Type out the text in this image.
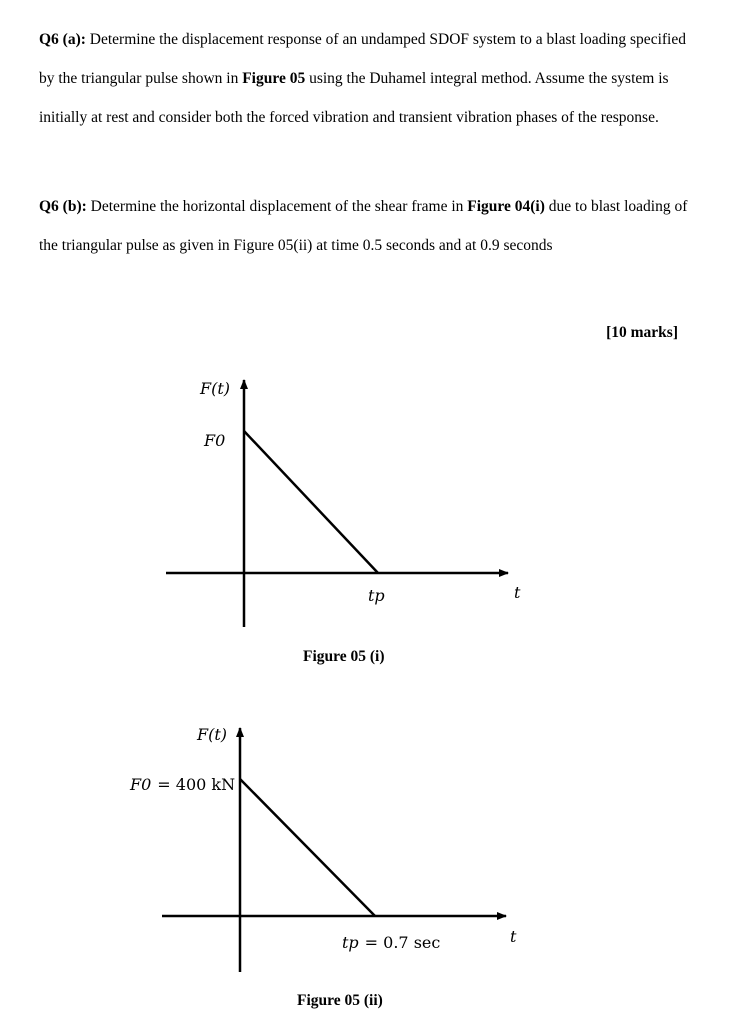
Q6 (a): Determine the displacement response of an undamped SDOF system to a blast loading specified by the triangular pulse shown in Figure 05 using the Duhamel integral method. Assume the system is initially at rest and consider both the forced vibration and transient vibration phases of the response.

Q6 (b): Determine the horizontal displacement of the shear frame in Figure 04(i) due to blast loading of the triangular pulse as given in Figure 05(ii) at time 0.5 seconds and at 0.9 seconds

[10 marks]
F(t)
F0
tp	t
Figure 05 (i)
F(t)
F0 = 400 kN
tp = 0.7 sec	t
Figure 05 (ii)
